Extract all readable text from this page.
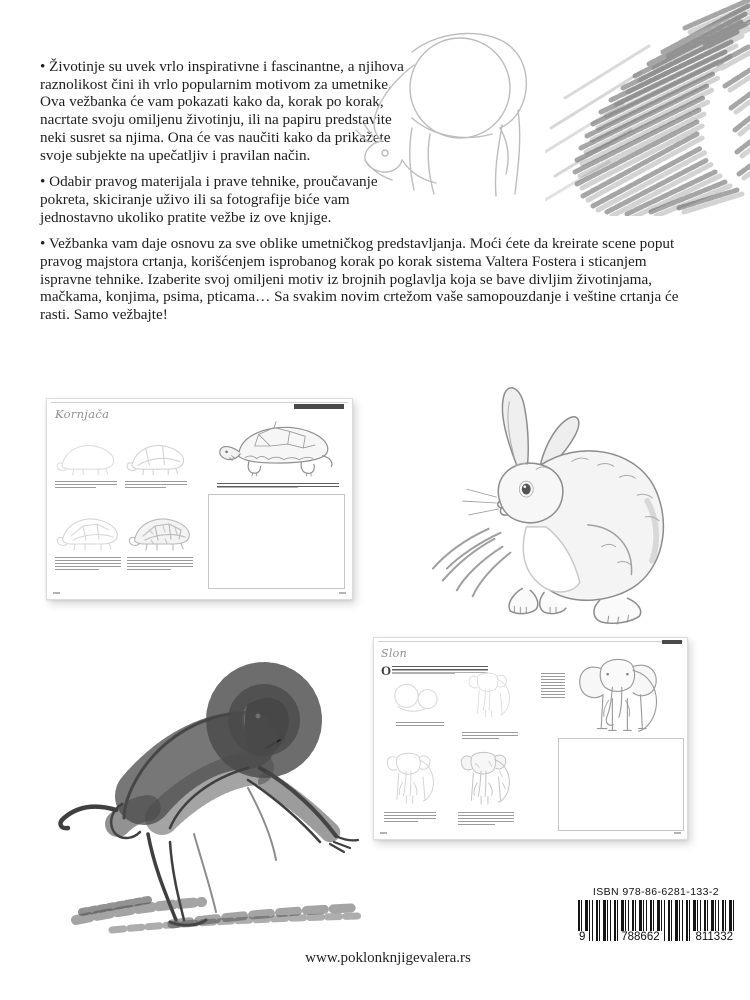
• Životinje su uvek vrlo inspirativne i fascinantne, a njihova raznolikost čini ih vrlo popularnim motivom za umetnike. Ova vežbanka će vam pokazati kako da, korak po korak, nacrtate svoju omiljenu životinju, ili na papiru predstavite neki susret sa njima. Ona će vas naučiti kako da prikažete svoje subjekte na upečatljiv i pravilan način.

• Odabir pravog materijala i prave tehnike, proučavanje pokreta, skiciranje uživo ili sa fotografije biće vam jednostavno ukoliko pratite vežbe iz ove knjige.

• Vežbanka vam daje osnovu za sve oblike umetničkog predstavljanja. Moći ćete da kreirate scene poput pravog majstora crtanja, korišćenjem isprobanog korak po korak sistema Valtera Fostera i sticanjem ispravne tehnike. Izaberite svoj omiljeni motiv iz brojnih poglavlja koja se bave divljim životinjama, mačkama, konjima, psima, pticama… Sa svakim novim crtežom vaše samopouzdanje i veštine crtanja će rasti. Samo vežbajte!

Kornjača
Slon
O
ISBN 978-86-6281-133-2
9	788662	811332
www.poklonknjigevalera.rs
